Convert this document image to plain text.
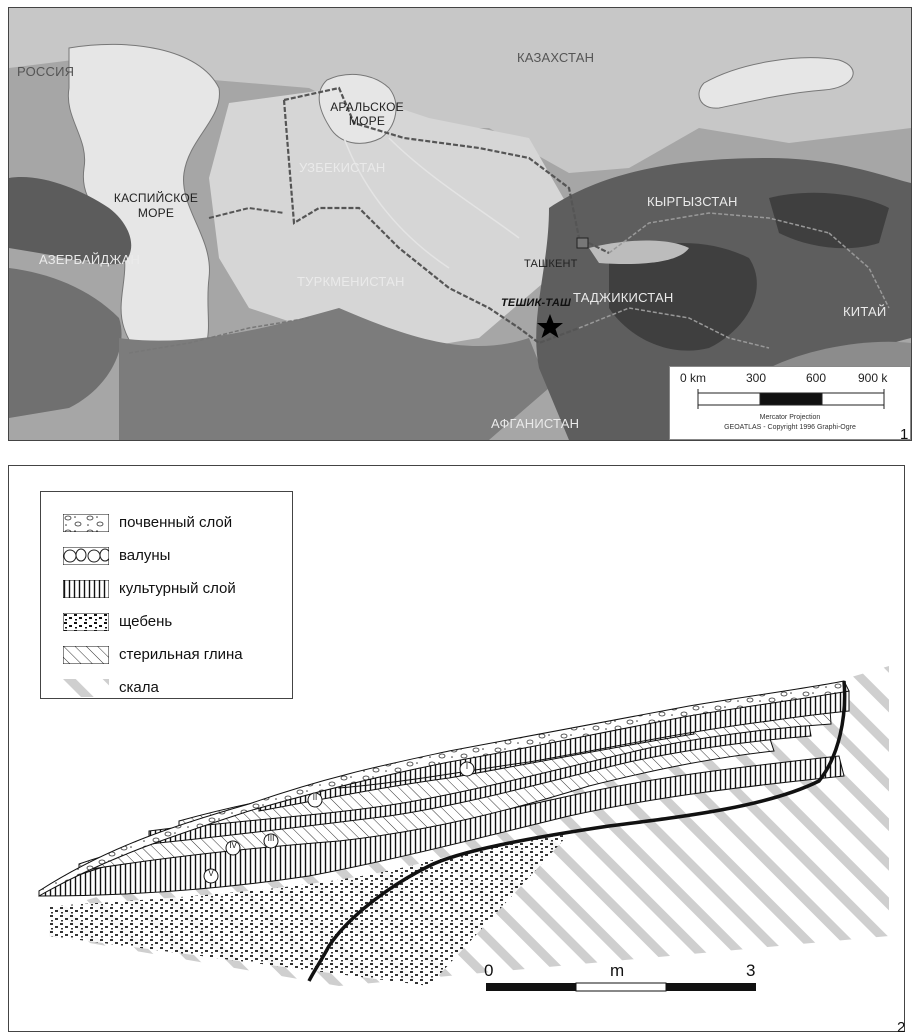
РОССИЯ
КАЗАХСТАН
АРАЛЬСКОЕ
МОРЕ
УЗБЕКИСТАН
КАСПИЙСКОЕ
МОРЕ
КЫРГЫЗСТАН
АЗЕРБАЙДЖАН
ТУРКМЕНИСТАН
ТАШКЕНТ
ТЕШИК-ТАШ ТАДЖИКИСТАН
КИТАЙ
АФГАНИСТАН
0 km	300	600	900 k
Mercator Projection
GEOATLAS - Copyright 1996 Graphi-Ogre	1
I
II
III
IV
V
почвенный слой
валуны
культурный слой
щебень
стерильная глина
скала
0	m	3
2
